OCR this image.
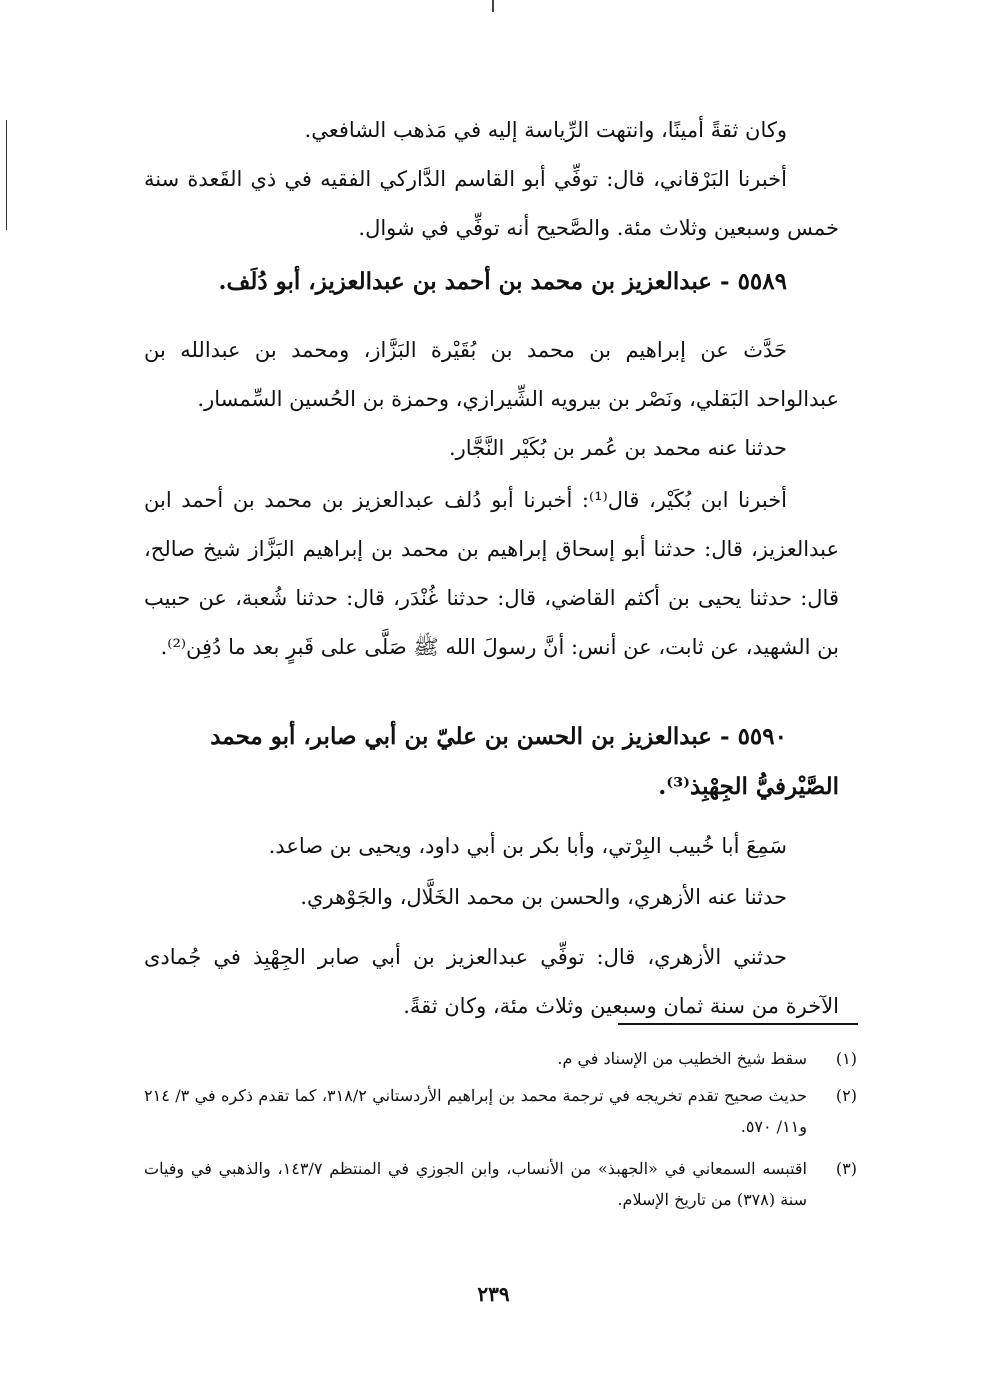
وكان ثقةً أمينًا، وانتهت الرِّياسة إليه في مَذهب الشافعي.
أخبرنا البَرْقاني، قال: توفِّي أبو القاسم الدَّاركي الفقيه في ذي القَعدة سنة خمس وسبعين وثلاث مئة. والصَّحيح أنه توفِّي في شوال.
٥٥٨٩ - عبدالعزيز بن محمد بن أحمد بن عبدالعزيز، أبو دُلَف.
حَدَّث عن إبراهيم بن محمد بن بُقَيْرة البَزَّاز، ومحمد بن عبدالله بن عبدالواحد البَقلي، ونَصْر بن بيرويه الشِّيرازي، وحمزة بن الحُسين السِّمسار.
حدثنا عنه محمد بن عُمر بن بُكَيْر النَّجَّار.
أخبرنا ابن بُكَيْر، قال⁽¹⁾: أخبرنا أبو دُلف عبدالعزيز بن محمد بن أحمد ابن عبدالعزيز، قال: حدثنا أبو إسحاق إبراهيم بن محمد بن إبراهيم البَزَّاز شيخ صالح، قال: حدثنا يحيى بن أكثم القاضي، قال: حدثنا غُنْدَر، قال: حدثنا شُعبة، عن حبيب بن الشهيد، عن ثابت، عن أنس: أنَّ رسولَ الله ﷺ صَلَّى على قَبرٍ بعد ما دُفِن⁽²⁾.
٥٥٩٠ - عبدالعزيز بن الحسن بن عليّ بن أبي صابر، أبو محمد الصَّيْرفيُّ الجِهْبِذ⁽³⁾.
سَمِعَ أبا خُبيب البِرْتي، وأبا بكر بن أبي داود، ويحيى بن صاعد.
حدثنا عنه الأزهري، والحسن بن محمد الخَلَّال، والجَوْهري.
حدثني الأزهري، قال: توفِّي عبدالعزيز بن أبي صابر الجِهْبِذ في جُمادى الآخرة من سنة ثمان وسبعين وثلاث مئة، وكان ثقةً.
(١)
سقط شيخ الخطيب من الإسناد في م.
(٢)
حديث صحيح تقدم تخريجه في ترجمة محمد بن إبراهيم الأردستاني ٣١٨/٢، كما تقدم ذكره في ٣/ ٢١٤ و١١/ ٥٧٠.
(٣)
اقتبسه السمعاني في «الجهبذ» من الأنساب، وابن الجوزي في المنتظم ١٤٣/٧، والذهبي في وفيات سنة (٣٧٨) من تاريخ الإسلام.
٢٣٩
